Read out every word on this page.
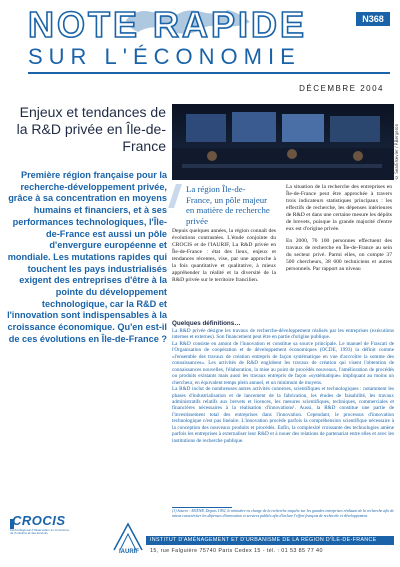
NOTE RAPIDE
SUR L'ÉCONOMIE
N368
DÉCEMBRE 2004
Enjeux et tendances de la R&D privée en Île-de-France
Première région française pour la recherche-développement privée, grâce à sa concentration en moyens humains et financiers, et à ses performances technologiques, l'Île-de-France est aussi un pôle d'envergure européenne et mondiale. Les mutations rapides qui touchent les pays industrialisés exigent des entreprises d'être à la pointe du développement technologique, car la R&D et l'innovation sont indispensables à la croissance économique. Qu'en est-il de ces évolutions en Île-de-France ?
© Sea/Elsevier / P.Bergeron
La région Île-de-France, un pôle majeur en matière de recherche privée
Depuis quelques années, la région connaît des évolutions contrastées. L'étude conjointe du CROCIS et de l'IAURIF, La R&D privée en Île-de-France : état des lieux, enjeux et tendances récentes, vise, par une approche à la fois quantitative et qualitative, à mieux appréhender la réalité et la diversité de la R&D privée sur le territoire francilien.

La situation de la recherche des entreprises en Île-de-France peut être approchée à travers trois indicateurs statistiques principaux : les effectifs de recherche, les dépenses intérieures de R&D et dans une certaine mesure les dépôts de brevets, puisque la grande majorité d'entre eux est d'origine privée.

En 2000, 76 100 personnes effectuent des travaux de recherche en Île-de-France au sein du secteur privé. Parmi elles, on compte 37 500 chercheurs, 38 600 techniciens et autres personnels. Par rapport au niveau

Quelques définitions…

La R&D privée désigne les travaux de recherche-développement réalisés par les entreprises (exécutions internes et externes). Son financement peut être en partie d'origine publique.

La R&D consiste en amont de l'innovation et constitue sa source principale. Le manuel de Frascati de l'Organisation de coopération et de développement économiques (OCDE, 1993) la définit comme «l'ensemble des travaux de création entrepris de façon systématique en vue d'accroître la somme des connaissances». Les activités de R&D englobent les travaux de création qui visent l'obtention de connaissances nouvelles, l'élaboration, la mise au point de procédés nouveaux, l'amélioration de procédés ou produits existants mais aussi les travaux entrepris de façon «systématique» impliquant au moins un chercheur, en équivalent temps plein annuel, et un minimum de moyens.

La R&D inclut de nombreuses autres activités connexes, scientifiques et technologiques : notamment les phases d'industrialisation et de lancement de la fabrication, les études de faisabilité, les travaux administratifs relatifs aux brevets et licences, les mesures scientifiques, techniques, commerciales et financières nécessaires à la réalisation d'innovations¹. Aussi, la R&D constitue une partie de l'investissement total des entreprises dans l'innovation. Cependant, le processus d'innovation technologique n'est pas linéaire. L'innovation procède parfois la compréhension scientifique nécessaire à la conception des nouveaux produits et procédés. Enfin, la complexité croissante des technologies amène parfois les entreprises à externaliser leur R&D et à nouer des relations de partenariat entre elles et avec les institutions de recherche publique.

(1) Source : MJENR, Depuis 1992, le ministère en charge de la recherche enquête sur les grandes entreprises réalisant de la recherche afin de mieux caractériser les dépenses d'innovation et services publiés afin d'inclure l'effort français de recherche et développement.
CROCIS
Centre Régional d'Observation du Commerce, de l'Industrie et des Services
IAURIF
INSTITUT D'AMÉNAGEMENT ET D'URBANISME DE LA RÉGION D'ÎLE-DE-FRANCE
15, rue Falguière 75740 Paris Cedex 15 - tél. : 01 53 85 77 40
